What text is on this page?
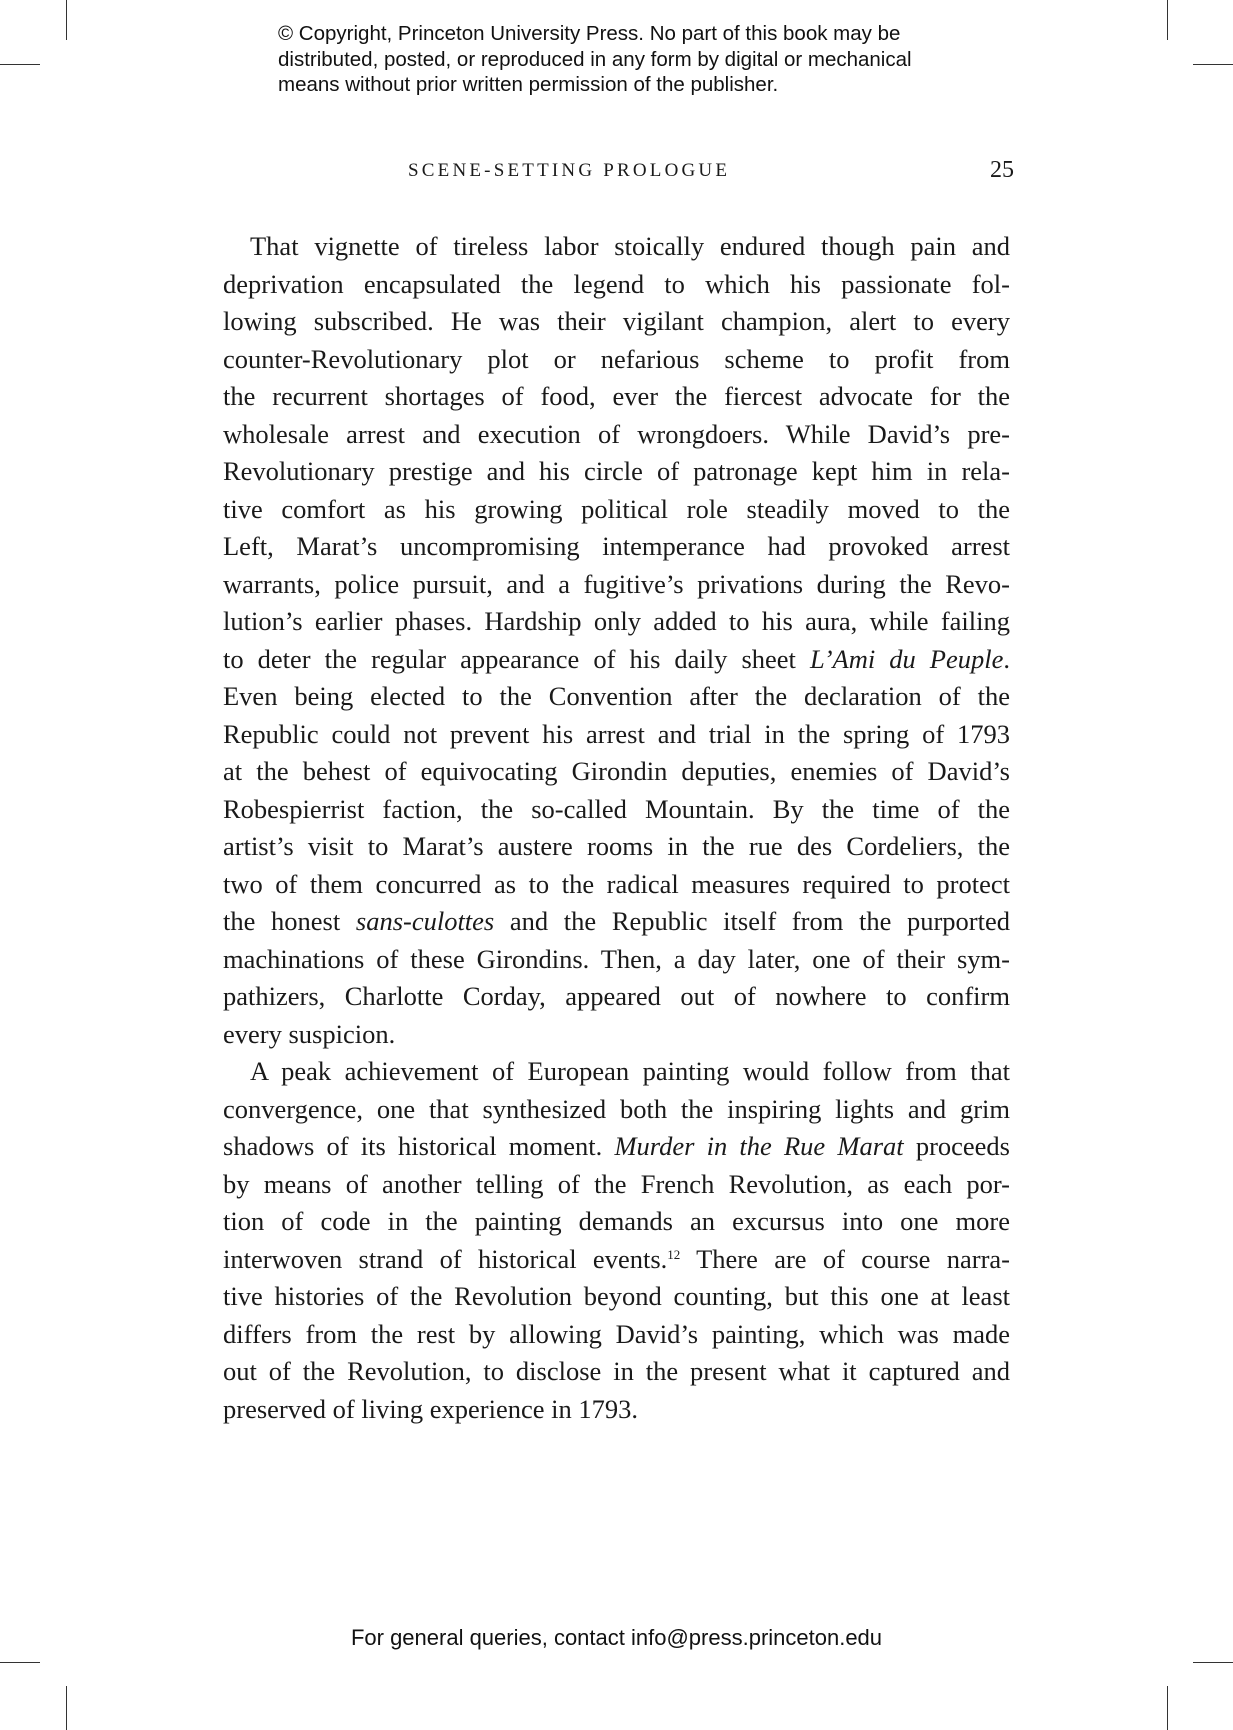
© Copyright, Princeton University Press. No part of this book may be
distributed, posted, or reproduced in any form by digital or mechanical
means without prior written permission of the publisher.
SCENE-SETTING PROLOGUE	25
That vignette of tireless labor stoically endured though pain and
deprivation encapsulated the legend to which his passionate fol-
lowing subscribed. He was their vigilant champion, alert to every
counter-Revolutionary plot or nefarious scheme to profit from
the recurrent shortages of food, ever the fiercest advocate for the
wholesale arrest and execution of wrongdoers. While David’s pre-
Revolutionary prestige and his circle of patronage kept him in rela-
tive comfort as his growing political role steadily moved to the
Left, Marat’s uncompromising intemperance had provoked arrest
warrants, police pursuit, and a fugitive’s privations during the Revo-
lution’s earlier phases. Hardship only added to his aura, while failing
to deter the regular appearance of his daily sheet L’Ami du Peuple.
Even being elected to the Convention after the declaration of the
Republic could not prevent his arrest and trial in the spring of 1793
at the behest of equivocating Girondin deputies, enemies of David’s
Robespierrist faction, the so-called Mountain. By the time of the
artist’s visit to Marat’s austere rooms in the rue des Cordeliers, the
two of them concurred as to the radical measures required to protect
the honest sans-culottes and the Republic itself from the purported
machinations of these Girondins. Then, a day later, one of their sym-
pathizers, Charlotte Corday, appeared out of nowhere to confirm
every suspicion.
A peak achievement of European painting would follow from that
convergence, one that synthesized both the inspiring lights and grim
shadows of its historical moment. Murder in the Rue Marat proceeds
by means of another telling of the French Revolution, as each por-
tion of code in the painting demands an excursus into one more
interwoven strand of historical events.$^{12}$ There are of course narra-
tive histories of the Revolution beyond counting, but this one at least
differs from the rest by allowing David’s painting, which was made
out of the Revolution, to disclose in the present what it captured and
preserved of living experience in 1793.
For general queries, contact info@press.princeton.edu
